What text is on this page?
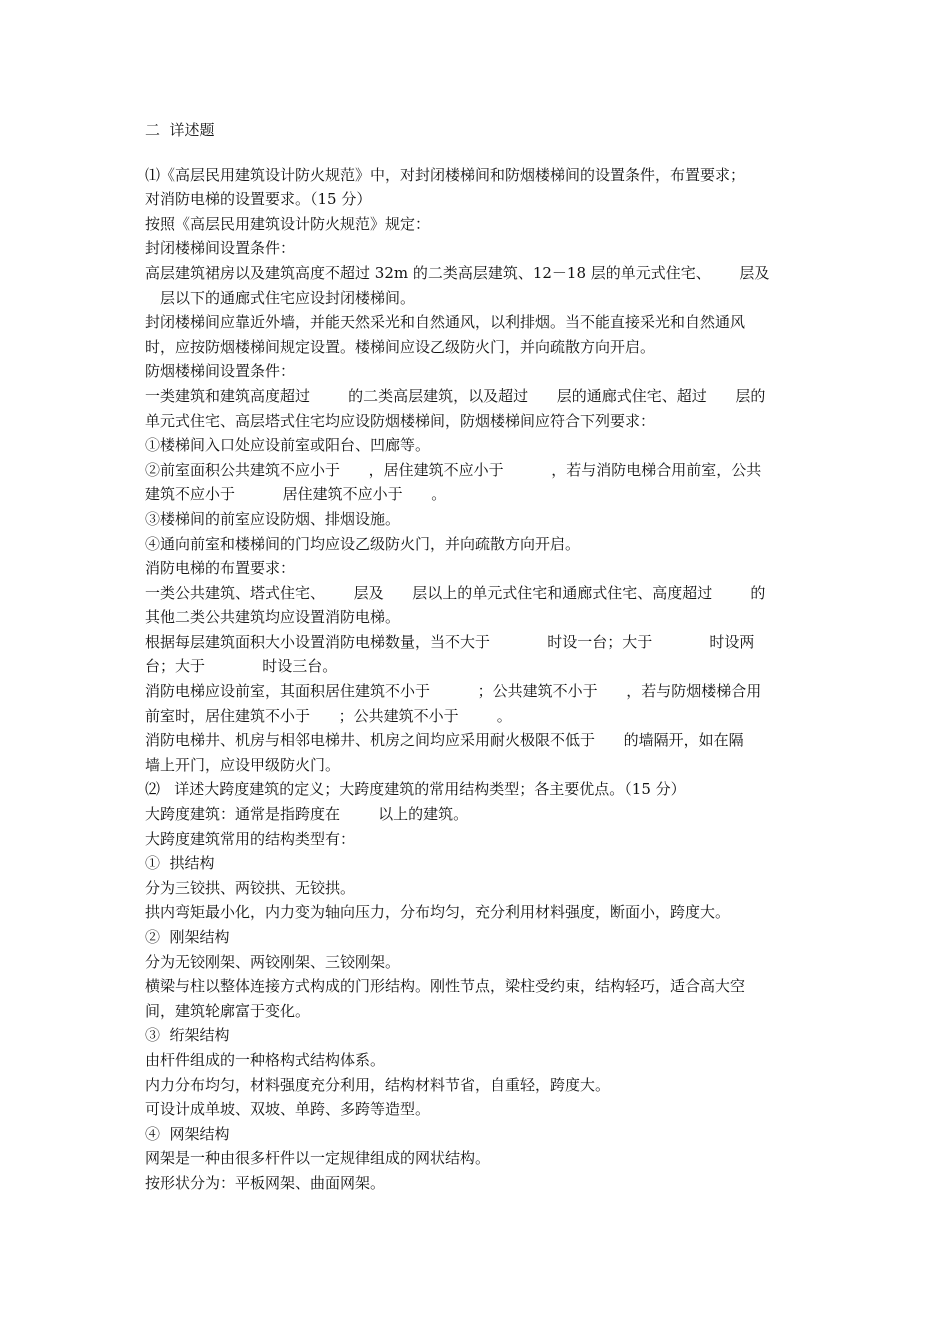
二  详述题
⑴《高层民用建筑设计防火规范》中，对封闭楼梯间和防烟楼梯间的设置条件，布置要求；
对消防电梯的设置要求。（15 分）
按照《高层民用建筑设计防火规范》规定：
封闭楼梯间设置条件：
高层建筑裙房以及建筑高度不超过 32m 的二类高层建筑、12－18 层的单元式住宅、      层及
层以下的通廊式住宅应设封闭楼梯间。
封闭楼梯间应靠近外墙，并能天然采光和自然通风，以利排烟。当不能直接采光和自然通风
时，应按防烟楼梯间规定设置。楼梯间应设乙级防火门，并向疏散方向开启。
防烟楼梯间设置条件：
一类建筑和建筑高度超过        的二类高层建筑，以及超过      层的通廊式住宅、超过      层的
单元式住宅、高层塔式住宅均应设防烟楼梯间，防烟楼梯间应符合下列要求：
①楼梯间入口处应设前室或阳台、凹廊等。
②前室面积公共建筑不应小于      ，居住建筑不应小于          ，若与消防电梯合用前室，公共
建筑不应小于          居住建筑不应小于      。
③楼梯间的前室应设防烟、排烟设施。
④通向前室和楼梯间的门均应设乙级防火门，并向疏散方向开启。
消防电梯的布置要求：
一类公共建筑、塔式住宅、      层及      层以上的单元式住宅和通廊式住宅、高度超过        的
其他二类公共建筑均应设置消防电梯。
根据每层建筑面积大小设置消防电梯数量，当不大于            时设一台；大于            时设两
台；大于            时设三台。
消防电梯应设前室，其面积居住建筑不小于          ；公共建筑不小于      ，若与防烟楼梯合用
前室时，居住建筑不小于      ；公共建筑不小于        。
消防电梯井、机房与相邻电梯井、机房之间均应采用耐火极限不低于      的墙隔开，如在隔
墙上开门，应设甲级防火门。
⑵   详述大跨度建筑的定义；大跨度建筑的常用结构类型；各主要优点。（15 分）
大跨度建筑：通常是指跨度在        以上的建筑。
大跨度建筑常用的结构类型有：
①  拱结构
分为三铰拱、两铰拱、无铰拱。
拱内弯矩最小化，内力变为轴向压力，分布均匀，充分利用材料强度，断面小，跨度大。
②  刚架结构
分为无铰刚架、两铰刚架、三铰刚架。
横梁与柱以整体连接方式构成的门形结构。刚性节点，梁柱受约束，结构轻巧，适合高大空
间，建筑轮廓富于变化。
③  绗架结构
由杆件组成的一种格构式结构体系。
内力分布均匀，材料强度充分利用，结构材料节省，自重轻，跨度大。
可设计成单坡、双坡、单跨、多跨等造型。
④  网架结构
网架是一种由很多杆件以一定规律组成的网状结构。
按形状分为：平板网架、曲面网架。
